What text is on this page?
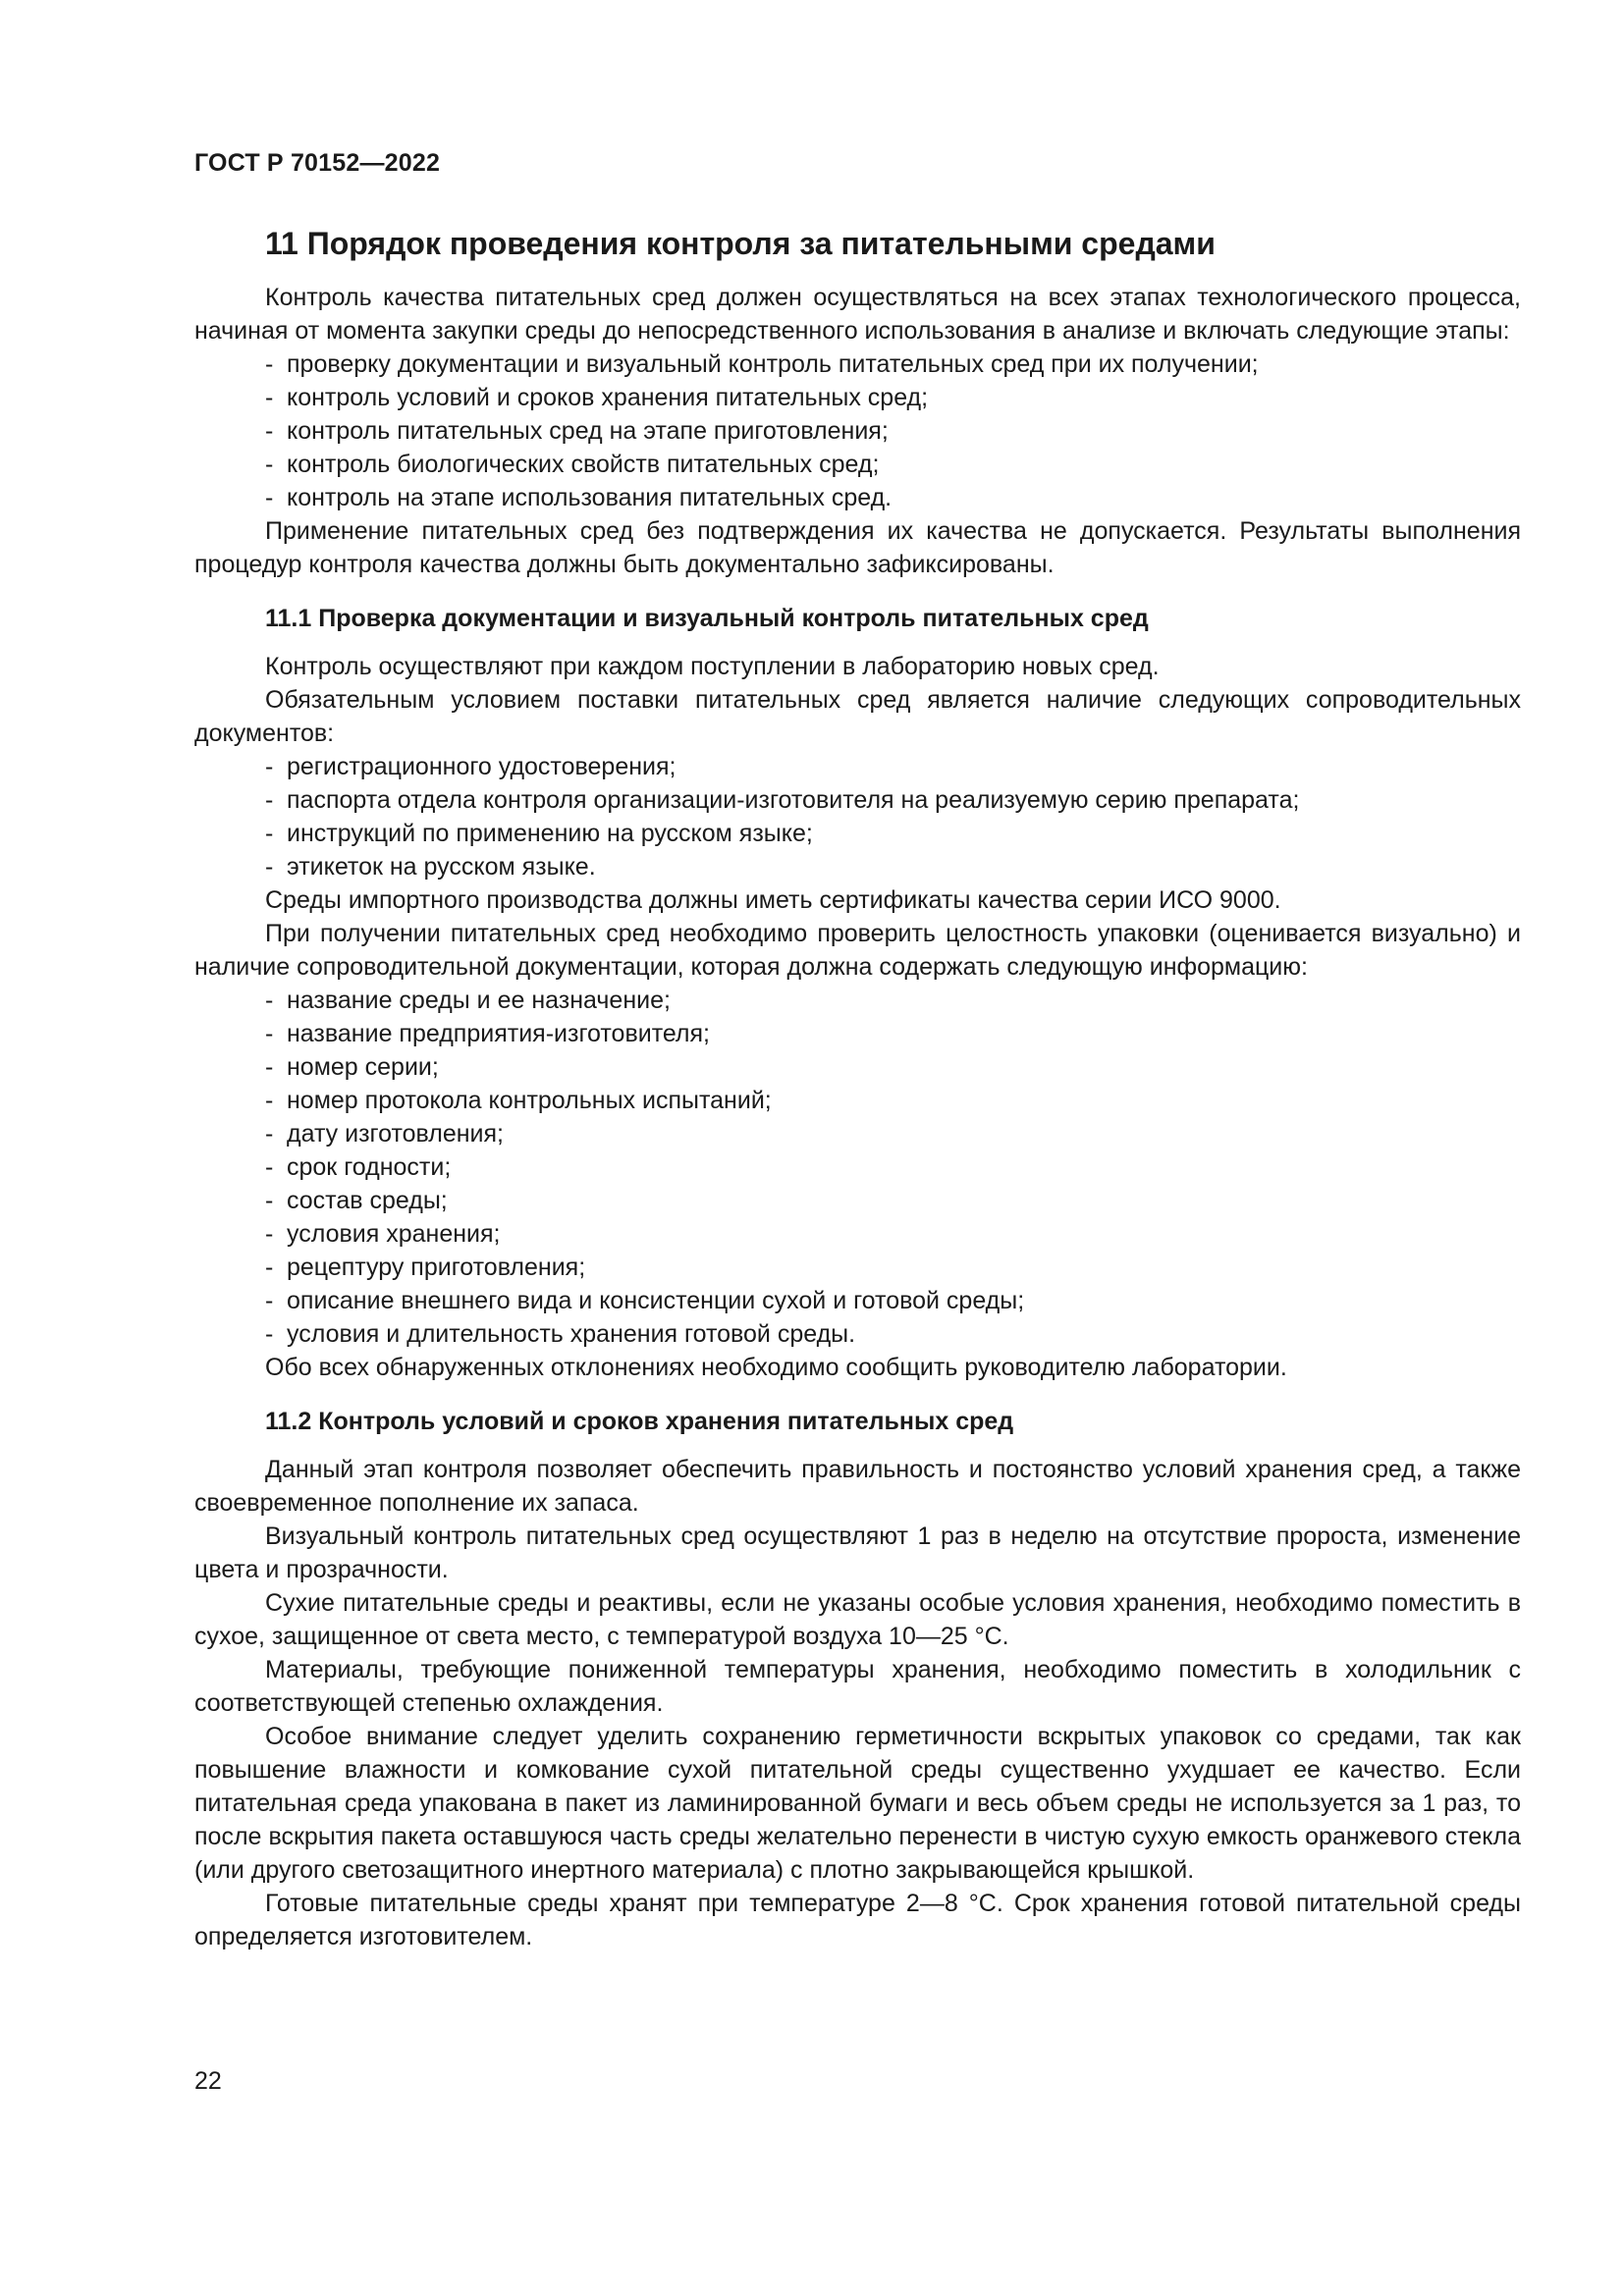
ГОСТ Р 70152—2022
11 Порядок проведения контроля за питательными средами

Контроль качества питательных сред должен осуществляться на всех этапах технологического процесса, начиная от момента закупки среды до непосредственного использования в анализе и включать следующие этапы:

- проверку документации и визуальный контроль питательных сред при их получении;
- контроль условий и сроков хранения питательных сред;
- контроль питательных сред на этапе приготовления;
- контроль биологических свойств питательных сред;
- контроль на этапе использования питательных сред.

Применение питательных сред без подтверждения их качества не допускается. Результаты выполнения процедур контроля качества должны быть документально зафиксированы.

11.1 Проверка документации и визуальный контроль питательных сред

Контроль осуществляют при каждом поступлении в лабораторию новых сред.

Обязательным условием поставки питательных сред является наличие следующих сопроводительных документов:

- регистрационного удостоверения;
- паспорта отдела контроля организации-изготовителя на реализуемую серию препарата;
- инструкций по применению на русском языке;
- этикеток на русском языке.

Среды импортного производства должны иметь сертификаты качества серии ИСО 9000.

При получении питательных сред необходимо проверить целостность упаковки (оценивается визуально) и наличие сопроводительной документации, которая должна содержать следующую информацию:

- название среды и ее назначение;
- название предприятия-изготовителя;
- номер серии;
- номер протокола контрольных испытаний;
- дату изготовления;
- срок годности;
- состав среды;
- условия хранения;
- рецептуру приготовления;
- описание внешнего вида и консистенции сухой и готовой среды;
- условия и длительность хранения готовой среды.

Обо всех обнаруженных отклонениях необходимо сообщить руководителю лаборатории.

11.2 Контроль условий и сроков хранения питательных сред

Данный этап контроля позволяет обеспечить правильность и постоянство условий хранения сред, а также своевременное пополнение их запаса.

Визуальный контроль питательных сред осуществляют 1 раз в неделю на отсутствие пророста, изменение цвета и прозрачности.

Сухие питательные среды и реактивы, если не указаны особые условия хранения, необходимо поместить в сухое, защищенное от света место, с температурой воздуха 10—25 °С.

Материалы, требующие пониженной температуры хранения, необходимо поместить в холодильник с соответствующей степенью охлаждения.

Особое внимание следует уделить сохранению герметичности вскрытых упаковок со средами, так как повышение влажности и комкование сухой питательной среды существенно ухудшает ее качество. Если питательная среда упакована в пакет из ламинированной бумаги и весь объем среды не используется за 1 раз, то после вскрытия пакета оставшуюся часть среды желательно перенести в чистую сухую емкость оранжевого стекла (или другого светозащитного инертного материала) с плотно закрывающейся крышкой.

Готовые питательные среды хранят при температуре 2—8 °С. Срок хранения готовой питательной среды определяется изготовителем.

22
